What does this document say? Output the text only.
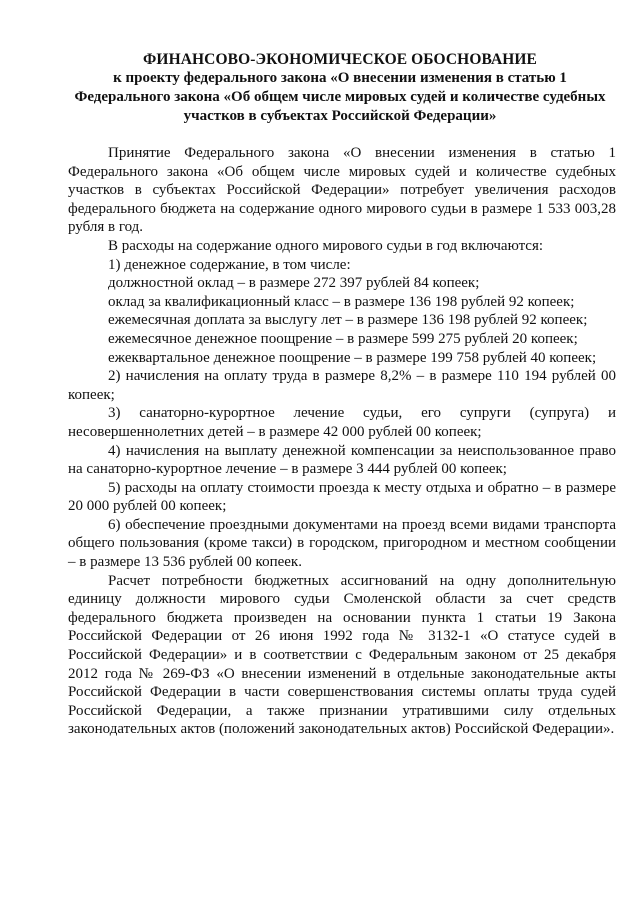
ФИНАНСОВО-ЭКОНОМИЧЕСКОЕ ОБОСНОВАНИЕ
к проекту федерального закона «О внесении изменения в статью 1
Федерального закона «Об общем числе мировых судей и количестве судебных
участков в субъектах Российской Федерации»

Принятие Федерального закона «О внесении изменения в статью 1 Федерального закона «Об общем числе мировых судей и количестве судебных участков в субъектах Российской Федерации» потребует увеличения расходов федерального бюджета на содержание одного мирового судьи в размере 1 533 003,28 рубля в год.

В расходы на содержание одного мирового судьи в год включаются:

1) денежное содержание, в том числе:

должностной оклад – в размере 272 397 рублей 84 копеек;

оклад за квалификационный класс – в размере 136 198 рублей 92 копеек;

ежемесячная доплата за выслугу лет – в размере 136 198 рублей 92 копеек;

ежемесячное денежное поощрение – в размере 599 275 рублей 20 копеек;

ежеквартальное денежное поощрение – в размере 199 758 рублей 40 копеек;

2) начисления на оплату труда в размере 8,2% – в размере 110 194 рублей 00 копеек;

3) санаторно-курортное лечение судьи, его супруги (супруга) и несовершеннолетних детей – в размере 42 000 рублей 00 копеек;

4) начисления на выплату денежной компенсации за неиспользованное право на санаторно-курортное лечение – в размере 3 444 рублей 00 копеек;

5) расходы на оплату стоимости проезда к месту отдыха и обратно – в размере 20 000 рублей 00 копеек;

6) обеспечение проездными документами на проезд всеми видами транспорта общего пользования (кроме такси) в городском, пригородном и местном сообщении – в размере 13 536 рублей 00 копеек.

Расчет потребности бюджетных ассигнований на одну дополнительную единицу должности мирового судьи Смоленской области за счет средств федерального бюджета произведен на основании пункта 1 статьи 19 Закона Российской Федерации от 26 июня 1992 года № 3132-1 «О статусе судей в Российской Федерации» и в соответствии с Федеральным законом от 25 декабря 2012 года № 269-ФЗ «О внесении изменений в отдельные законодательные акты Российской Федерации в части совершенствования системы оплаты труда судей Российской Федерации, а также признании утратившими силу отдельных законодательных актов (положений законодательных актов) Российской Федерации».
